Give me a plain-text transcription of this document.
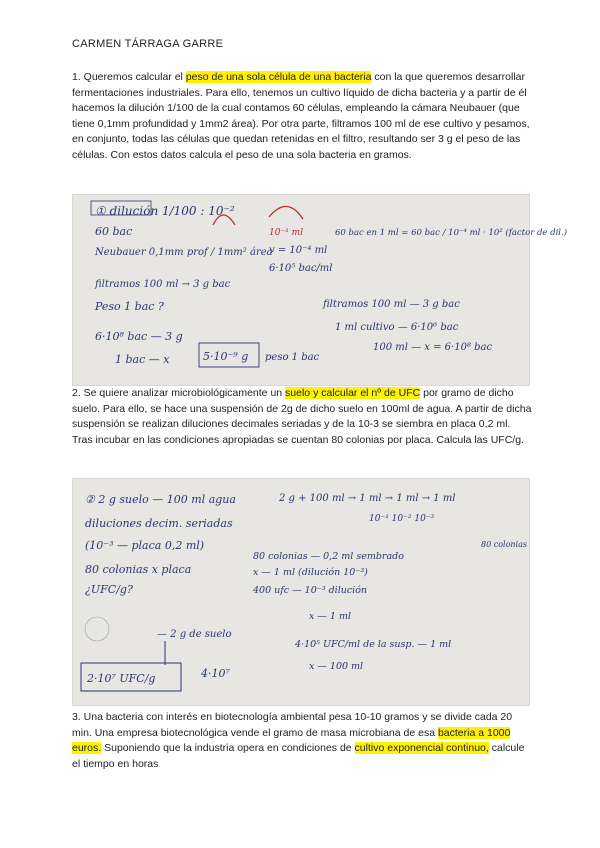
CARMEN TÁRRAGA GARRE

1. Queremos calcular el peso de una sola célula de una bacteria con la que queremos desarrollar fermentaciones industriales. Para ello, tenemos un cultivo líquido de dicha bacteria y a partir de él hacemos la dilución 1/100 de la cual contamos 60 células, empleando la cámara Neubauer (que tiene 0,1mm profundidad y 1mm2 área). Por otra parte, filtramos 100 ml de ese cultivo y pesamos, en conjunto, todas las células que quedan retenidas en el filtro, resultando ser 3 g el peso de las células. Con estos datos calcula el peso de una sola bacteria en gramos.

① dilución 1/100 : 10⁻²
60 bac
Neubauer 0,1mm prof / 1mm² área
filtramos 100 ml → 3 g bac
Peso 1 bac ?
6·10⁸ bac — 3 g
1 bac — x	5·10⁻⁹ g peso 1 bac
10⁻¹ ml
v = 10⁻⁴ ml
6·10⁵ bac/ml
60 bac en 1 ml = 60 bac / 10⁻⁴ ml · 10² (factor de dil.)
filtramos 100 ml — 3 g bac
1 ml cultivo — 6·10⁶ bac
100 ml — x = 6·10⁸ bac

2. Se quiere analizar microbiológicamente un suelo y calcular el nº de UFC por gramo de dicho suelo. Para ello, se hace una suspensión de 2g de dicho suelo en 100ml de agua. A partir de dicha suspensión se realizan diluciones decimales seriadas y de la 10-3 se siembra en placa 0,2 ml. Tras incubar en las condiciones apropiadas se cuentan 80 colonias por placa. Calcula las UFC/g.

② 2 g suelo — 100 ml agua
diluciones decim. seriadas
(10⁻³ — placa 0,2 ml)
80 colonias x placa
¿UFC/g?
2 g + 100 ml → 1 ml → 1 ml → 1 ml
10⁻¹ 10⁻² 10⁻³
80 colonias — 0,2 ml sembrado
x — 1 ml (dilución 10⁻³)
400 ufc — 10⁻³ dilución
x — 1 ml
4·10⁵ UFC/ml de la susp. — 1 ml
x — 100 ml
80 colonias
— 2 g de suelo
4·10⁷
2·10⁷ UFC/g

3. Una bacteria con interés en biotecnología ambiental pesa 10-10 gramos y se divide cada 20 min. Una empresa biotecnológica vende el gramo de masa microbiana de esa bacteria a 1000 euros. Suponiendo que la industria opera en condiciones de cultivo exponencial continuo, calcule el tiempo en horas
